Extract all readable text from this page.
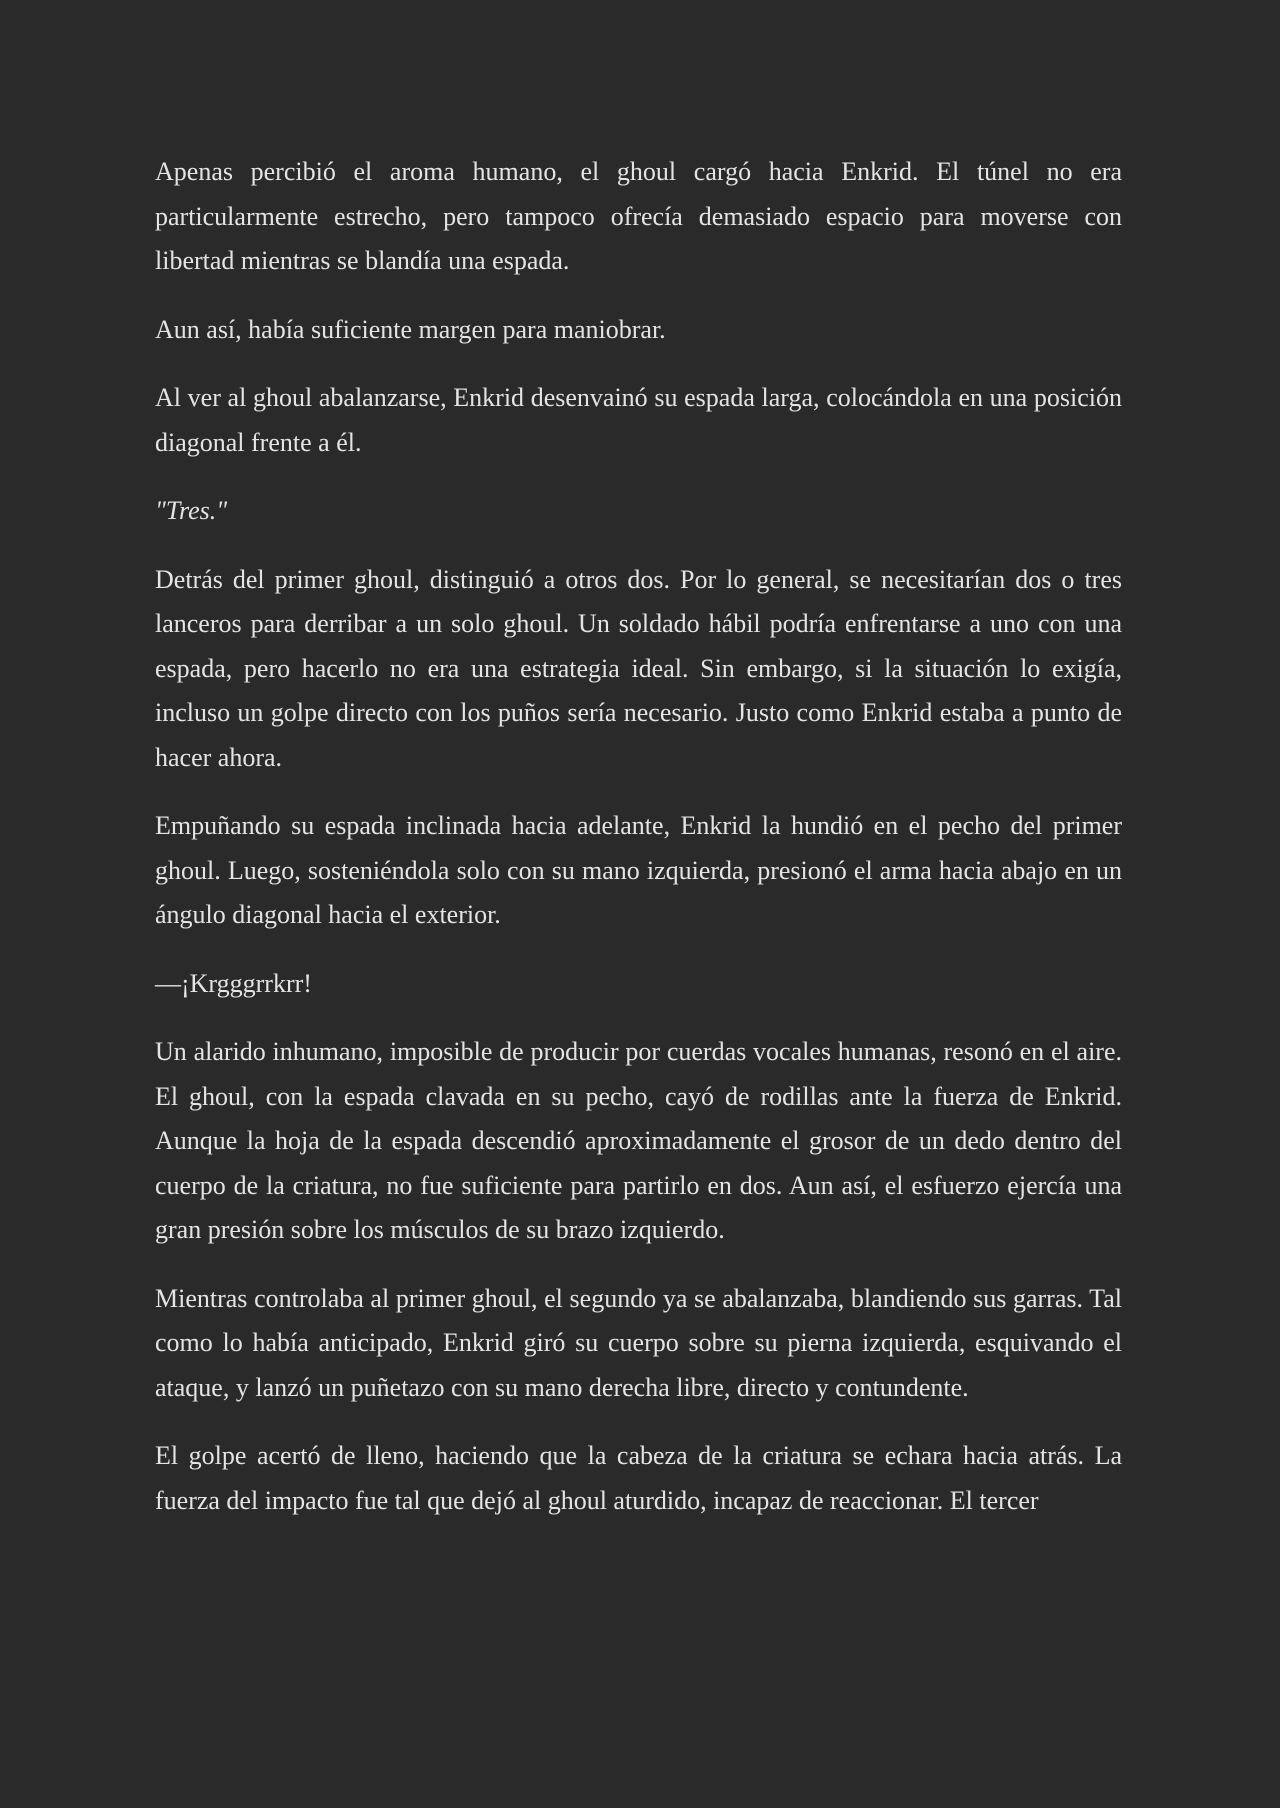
Apenas percibió el aroma humano, el ghoul cargó hacia Enkrid. El túnel no era particularmente estrecho, pero tampoco ofrecía demasiado espacio para moverse con libertad mientras se blandía una espada.

Aun así, había suficiente margen para maniobrar.

Al ver al ghoul abalanzarse, Enkrid desenvainó su espada larga, colocándola en una posición diagonal frente a él.

"Tres."

Detrás del primer ghoul, distinguió a otros dos. Por lo general, se necesitarían dos o tres lanceros para derribar a un solo ghoul. Un soldado hábil podría enfrentarse a uno con una espada, pero hacerlo no era una estrategia ideal. Sin embargo, si la situación lo exigía, incluso un golpe directo con los puños sería necesario. Justo como Enkrid estaba a punto de hacer ahora.

Empuñando su espada inclinada hacia adelante, Enkrid la hundió en el pecho del primer ghoul. Luego, sosteniéndola solo con su mano izquierda, presionó el arma hacia abajo en un ángulo diagonal hacia el exterior.

—¡Krgggrrkrr!

Un alarido inhumano, imposible de producir por cuerdas vocales humanas, resonó en el aire. El ghoul, con la espada clavada en su pecho, cayó de rodillas ante la fuerza de Enkrid. Aunque la hoja de la espada descendió aproximadamente el grosor de un dedo dentro del cuerpo de la criatura, no fue suficiente para partirlo en dos. Aun así, el esfuerzo ejercía una gran presión sobre los músculos de su brazo izquierdo.

Mientras controlaba al primer ghoul, el segundo ya se abalanzaba, blandiendo sus garras. Tal como lo había anticipado, Enkrid giró su cuerpo sobre su pierna izquierda, esquivando el ataque, y lanzó un puñetazo con su mano derecha libre, directo y contundente.

El golpe acertó de lleno, haciendo que la cabeza de la criatura se echara hacia atrás. La fuerza del impacto fue tal que dejó al ghoul aturdido, incapaz de reaccionar. El tercer
